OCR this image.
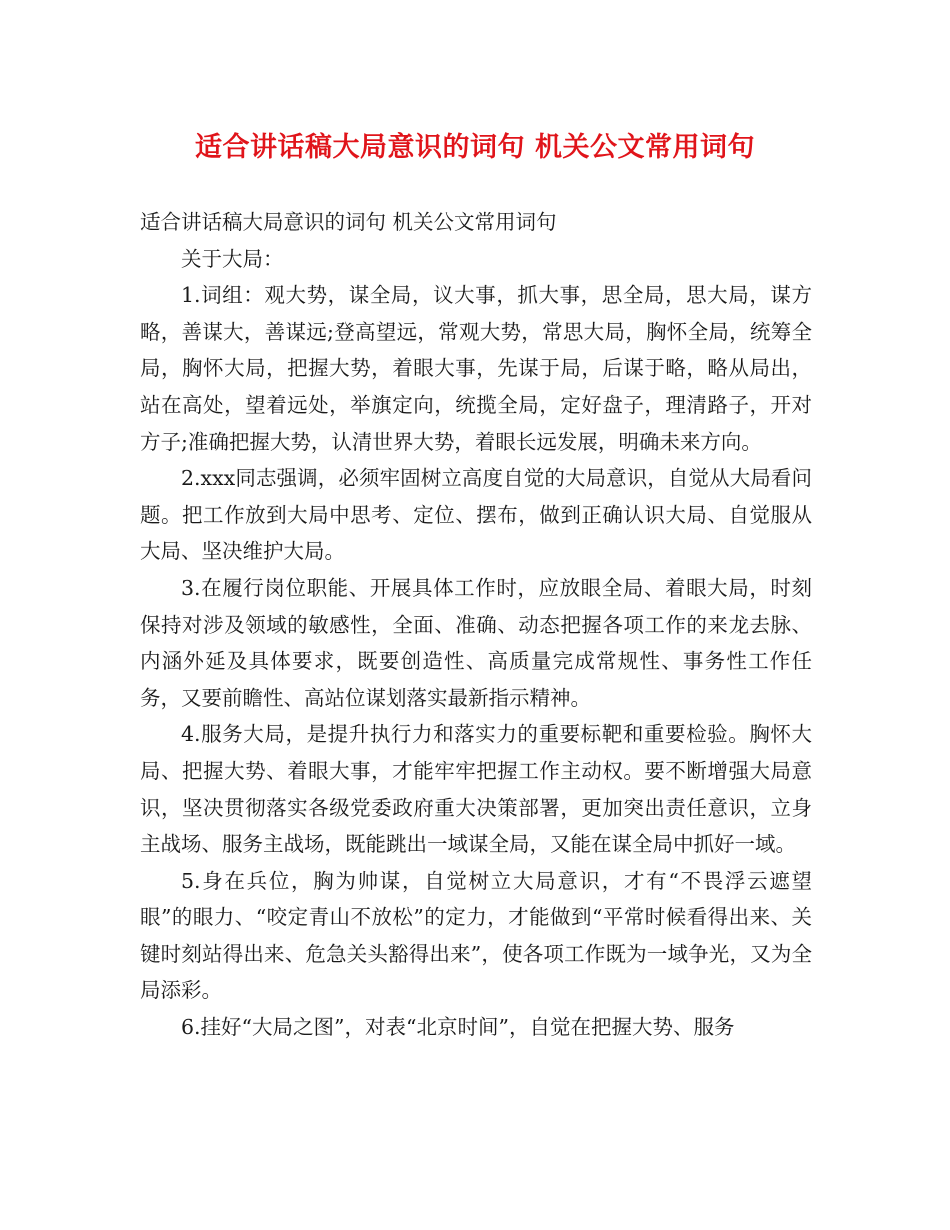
适合讲话稿大局意识的词句 机关公文常用词句

适合讲话稿大局意识的词句 机关公文常用词句

关于大局：

1.词组：观大势，谋全局，议大事，抓大事，思全局，思大局，谋方略，善谋大，善谋远;登高望远，常观大势，常思大局，胸怀全局，统筹全局，胸怀大局，把握大势，着眼大事，先谋于局，后谋于略，略从局出，站在高处，望着远处，举旗定向，统揽全局，定好盘子，理清路子，开对方子;准确把握大势，认清世界大势，着眼长远发展，明确未来方向。

2.xxx同志强调，必须牢固树立高度自觉的大局意识，自觉从大局看问题。把工作放到大局中思考、定位、摆布，做到正确认识大局、自觉服从大局、坚决维护大局。

3.在履行岗位职能、开展具体工作时，应放眼全局、着眼大局，时刻保持对涉及领域的敏感性，全面、准确、动态把握各项工作的来龙去脉、内涵外延及具体要求，既要创造性、高质量完成常规性、事务性工作任务，又要前瞻性、高站位谋划落实最新指示精神。

4.服务大局，是提升执行力和落实力的重要标靶和重要检验。胸怀大局、把握大势、着眼大事，才能牢牢把握工作主动权。要不断增强大局意识，坚决贯彻落实各级党委政府重大决策部署，更加突出责任意识，立身主战场、服务主战场，既能跳出一域谋全局，又能在谋全局中抓好一域。

5.身在兵位，胸为帅谋，自觉树立大局意识，才有“不畏浮云遮望眼”的眼力、“咬定青山不放松”的定力，才能做到“平常时候看得出来、关键时刻站得出来、危急关头豁得出来”，使各项工作既为一域争光，又为全局添彩。

6.挂好“大局之图”，对表“北京时间”，自觉在把握大势、服务
